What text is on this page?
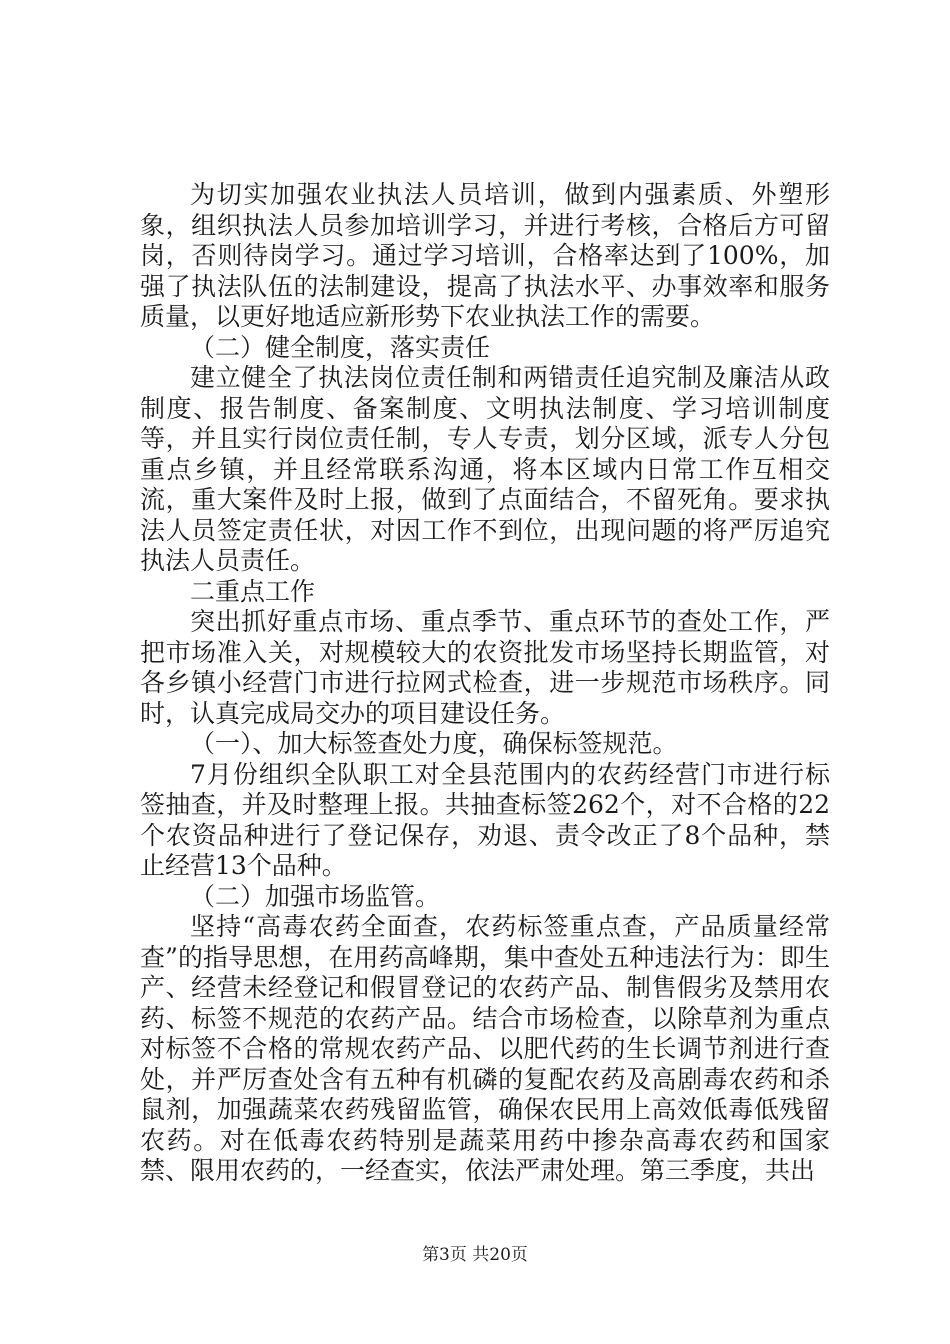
为切实加强农业执法人员培训，做到内强素质、外塑形象，组织执法人员参加培训学习，并进行考核，合格后方可留岗，否则待岗学习。通过学习培训，合格率达到了100%，加强了执法队伍的法制建设，提高了执法水平、办事效率和服务质量，以更好地适应新形势下农业执法工作的需要。

（二）健全制度，落实责任

建立健全了执法岗位责任制和两错责任追究制及廉洁从政制度、报告制度、备案制度、文明执法制度、学习培训制度等，并且实行岗位责任制，专人专责，划分区域，派专人分包重点乡镇，并且经常联系沟通，将本区域内日常工作互相交流，重大案件及时上报，做到了点面结合，不留死角。要求执法人员签定责任状，对因工作不到位，出现问题的将严厉追究执法人员责任。

二重点工作

突出抓好重点市场、重点季节、重点环节的查处工作，严把市场准入关，对规模较大的农资批发市场坚持长期监管，对各乡镇小经营门市进行拉网式检查，进一步规范市场秩序。同时，认真完成局交办的项目建设任务。

（一）、加大标签查处力度，确保标签规范。

7月份组织全队职工对全县范围内的农药经营门市进行标签抽查，并及时整理上报。共抽查标签262个，对不合格的22个农资品种进行了登记保存，劝退、责令改正了8个品种，禁止经营13个品种。

（二）加强市场监管。

坚持“高毒农药全面查，农药标签重点查，产品质量经常查”的指导思想，在用药高峰期，集中查处五种违法行为：即生产、经营未经登记和假冒登记的农药产品、制售假劣及禁用农药、标签不规范的农药产品。结合市场检查，以除草剂为重点对标签不合格的常规农药产品、以肥代药的生长调节剂进行查处，并严厉查处含有五种有机磷的复配农药及高剧毒农药和杀鼠剂，加强蔬菜农药残留监管，确保农民用上高效低毒低残留农药。对在低毒农药特别是蔬菜用药中掺杂高毒农药和国家禁、限用农药的，一经查实，依法严肃处理。第三季度，共出

第3页 共20页
